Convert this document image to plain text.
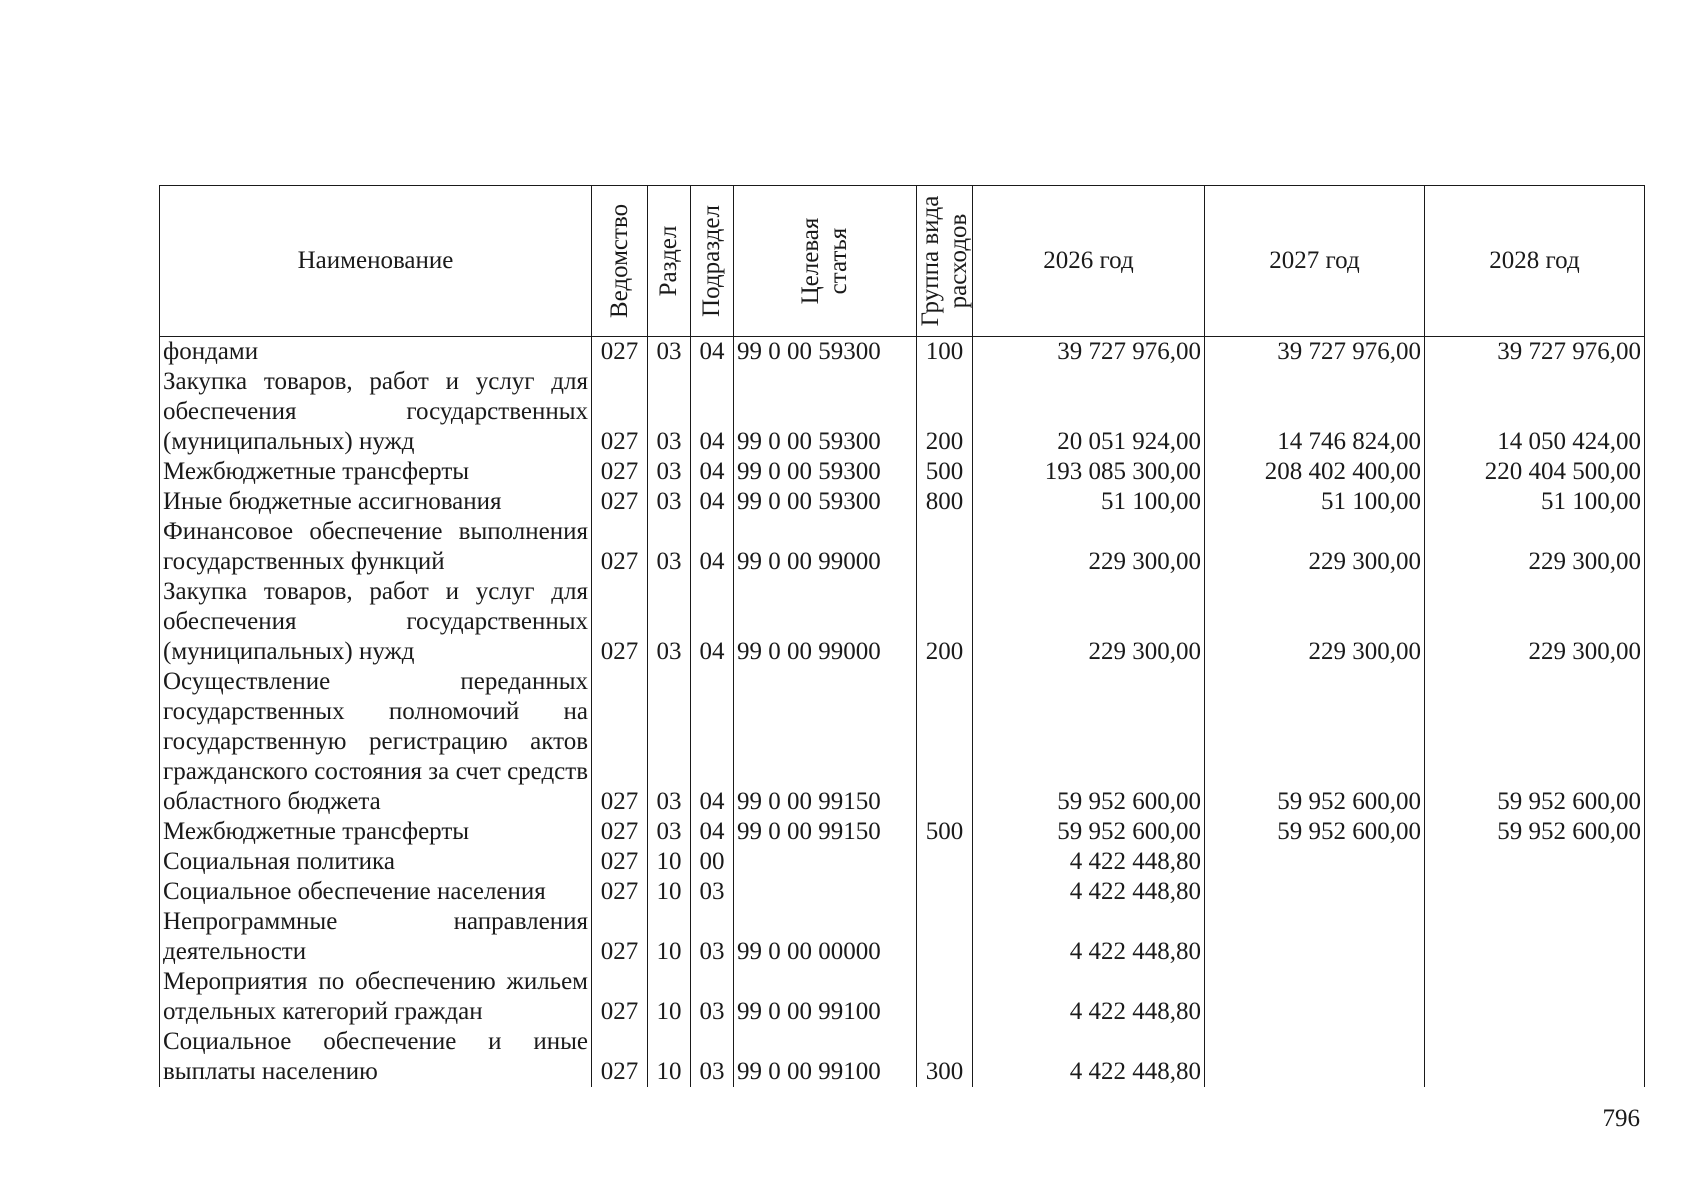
Наименование	Ведомство	Раздел	Подраздел	Целевая статья	Группа вида расходов	2026 год	2027 год	2028 год
фондами	027	03	04	99 0 00 59300	100	39 727 976,00	39 727 976,00	39 727 976,00
Закупка товаров, работ и услуг для обеспечения государственных (муниципальных) нужд	027	03	04	99 0 00 59300	200	20 051 924,00	14 746 824,00	14 050 424,00
Межбюджетные трансферты	027	03	04	99 0 00 59300	500	193 085 300,00	208 402 400,00	220 404 500,00
Иные бюджетные ассигнования	027	03	04	99 0 00 59300	800	51 100,00	51 100,00	51 100,00
Финансовое обеспечение выполнения государственных функций	027	03	04	99 0 00 99000		229 300,00	229 300,00	229 300,00
Закупка товаров, работ и услуг для обеспечения государственных (муниципальных) нужд	027	03	04	99 0 00 99000	200	229 300,00	229 300,00	229 300,00
Осуществление переданных государственных полномочий на государственную регистрацию актов гражданского состояния за счет средств областного бюджета	027	03	04	99 0 00 99150		59 952 600,00	59 952 600,00	59 952 600,00
Межбюджетные трансферты	027	03	04	99 0 00 99150	500	59 952 600,00	59 952 600,00	59 952 600,00
Социальная политика	027	10	00			4 422 448,80		
Социальное обеспечение населения	027	10	03			4 422 448,80		
Непрограммные направления деятельности	027	10	03	99 0 00 00000		4 422 448,80		
Мероприятия по обеспечению жильем отдельных категорий граждан	027	10	03	99 0 00 99100		4 422 448,80		
Социальное обеспечение и иные выплаты населению	027	10	03	99 0 00 99100	300	4 422 448,80		
796
